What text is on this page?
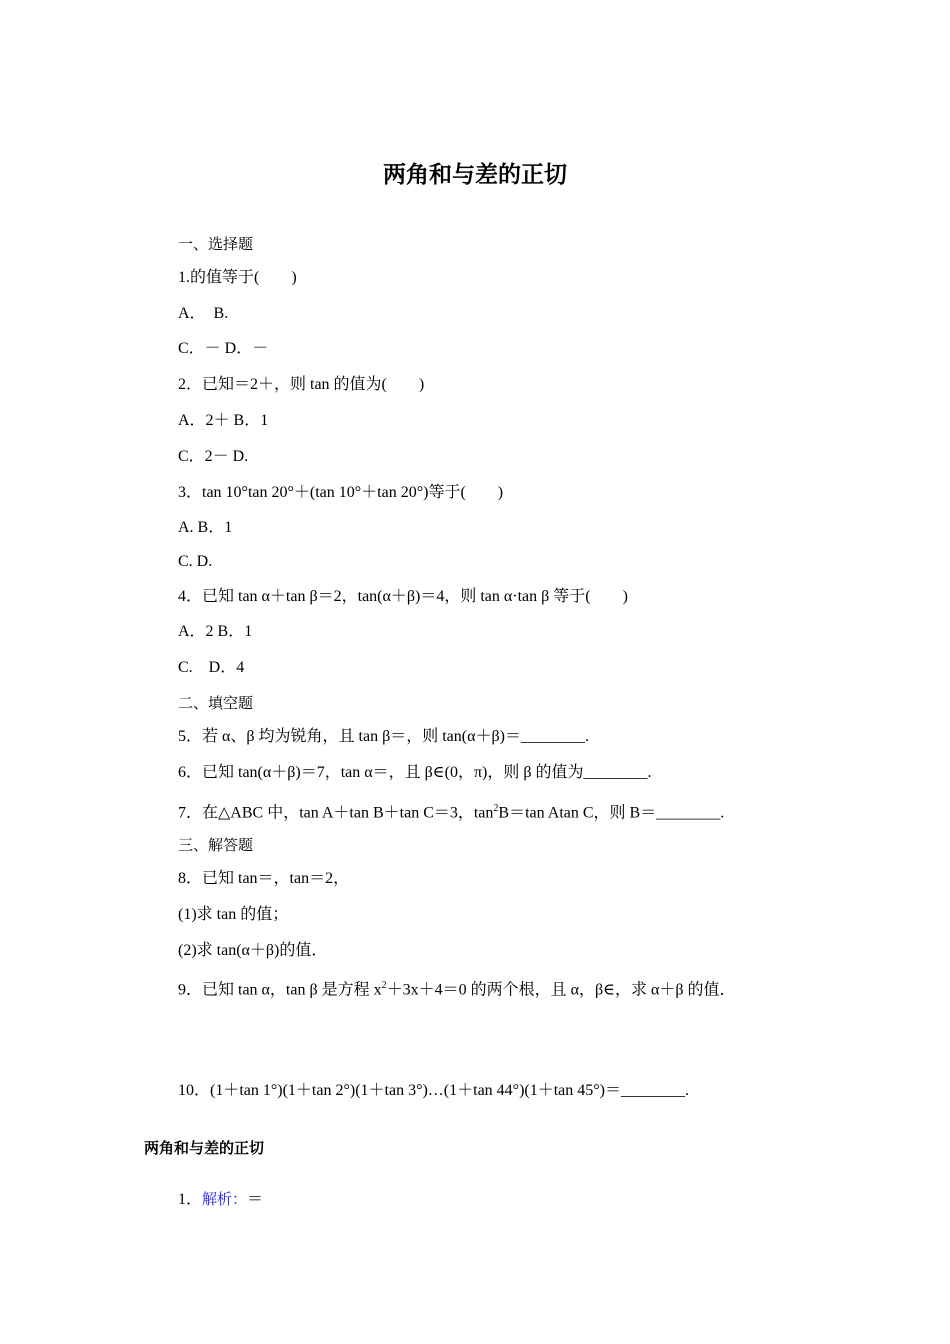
两角和与差的正切
一、选择题
1.的值等于(　　)
A．　B.
C．－ D．－
2．已知＝2＋，则 tan 的值为(　　)
A．2＋ B．1
C．2－ D.
3．tan 10°tan 20°＋(tan 10°＋tan 20°)等于(　　)
A. B．1
C. D.
4．已知 tan α＋tan β＝2，tan(α＋β)＝4，则 tan α·tan β 等于(　　)
A．2 B．1
C.　D．4
二、填空题
5．若 α、β 均为锐角，且 tan β＝，则 tan(α＋β)＝________.
6．已知 tan(α＋β)＝7，tan α＝，且 β∈(0，π)，则 β 的值为________.
7．在△ABC 中，tan A＋tan B＋tan C＝3，$\tan^2B=\tan$ Atan C，则 B＝________.
三、解答题
8．已知 tan＝，tan＝2，
(1)求 tan 的值；
(2)求 tan(α＋β)的值．
9．已知 tan α，tan β 是方程 $x^2+3x+4=0$ 的两个根，且 α，β∈，求 α＋β 的值．
10．(1＋tan 1°)(1＋tan 2°)(1＋tan 3°)…(1＋tan 44°)(1＋tan 45°)＝________.
两角和与差的正切
1．解析：＝
